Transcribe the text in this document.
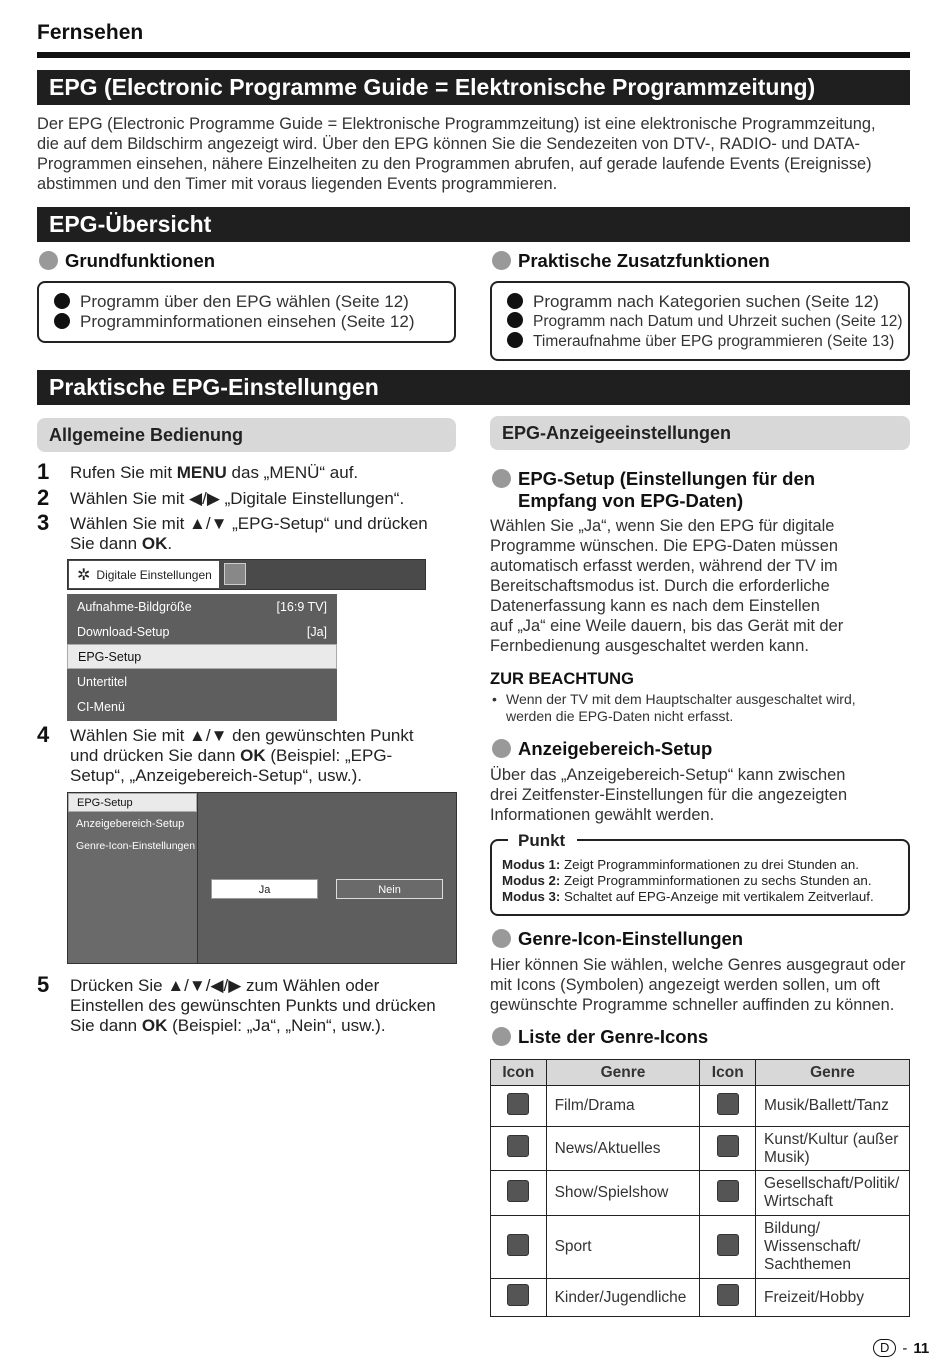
Fernsehen
EPG (Electronic Programme Guide = Elektronische Programmzeitung)
Der EPG (Electronic Programme Guide = Elektronische Programmzeitung) ist eine elektronische Programmzeitung,
die auf dem Bildschirm angezeigt wird. Über den EPG können Sie die Sendezeiten von DTV-, RADIO- und DATA-
Programmen einsehen, nähere Einzelheiten zu den Programmen abrufen, auf gerade laufende Events (Ereignisse)
abstimmen und den Timer mit voraus liegenden Events programmieren.
EPG-Übersicht
Grundfunktionen
Programm über den EPG wählen (Seite 12)
Programminformationen einsehen (Seite 12)
Praktische Zusatzfunktionen
Programm nach Kategorien suchen (Seite 12)
Programm nach Datum und Uhrzeit suchen (Seite 12)
Timeraufnahme über EPG programmieren (Seite 13)
Praktische EPG-Einstellungen
Allgemeine Bedienung
1 Rufen Sie mit MENU das „MENÜ“ auf.
2 Wählen Sie mit ◀/▶ „Digitale Einstellungen“.
3 Wählen Sie mit ▲/▼ „EPG-Setup“ und drücken
Sie dann OK.
✲ Digitale Einstellungen
Aufnahme-Bildgröße	[16:9 TV]
Download-Setup	[Ja]
EPG-Setup
Untertitel
CI-Menü
4 Wählen Sie mit ▲/▼ den gewünschten Punkt
und drücken Sie dann OK (Beispiel: „EPG-
Setup“, „Anzeigebereich-Setup“, usw.).
EPG-Setup
Anzeigebereich-Setup
Genre-Icon-Einstellungen
Ja	Nein
5 Drücken Sie ▲/▼/◀/▶ zum Wählen oder
Einstellen des gewünschten Punkts und drücken
Sie dann OK (Beispiel: „Ja“, „Nein“, usw.).
EPG-Anzeigeeinstellungen
EPG-Setup (Einstellungen für den
Empfang von EPG-Daten)
Wählen Sie „Ja“, wenn Sie den EPG für digitale
Programme wünschen. Die EPG-Daten müssen
automatisch erfasst werden, während der TV im
Bereitschaftsmodus ist. Durch die erforderliche
Datenerfassung kann es nach dem Einstellen
auf „Ja“ eine Weile dauern, bis das Gerät mit der
Fernbedienung ausgeschaltet werden kann.
ZUR BEACHTUNG
• Wenn der TV mit dem Hauptschalter ausgeschaltet wird,
werden die EPG-Daten nicht erfasst.
Anzeigebereich-Setup
Über das „Anzeigebereich-Setup“ kann zwischen
drei Zeitfenster-Einstellungen für die angezeigten
Informationen gewählt werden.
Punkt
Modus 1: Zeigt Programminformationen zu drei Stunden an.
Modus 2: Zeigt Programminformationen zu sechs Stunden an.
Modus 3: Schaltet auf EPG-Anzeige mit vertikalem Zeitverlauf.
Genre-Icon-Einstellungen
Hier können Sie wählen, welche Genres ausgegraut oder
mit Icons (Symbolen) angezeigt werden sollen, um oft
gewünschte Programme schneller auffinden zu können.
Liste der Genre-Icons
Icon	Genre	Icon	Genre
	Film/Drama		Musik/Ballett/Tanz

	News/Aktuelles		Kunst/Kultur (außer
Musik)

	Show/Spielshow		Gesellschaft/Politik/
Wirtschaft

	Sport		Bildung/
Wissenschaft/
Sachthemen

	Kinder/Jugendliche		Freizeit/Hobby
D - 11
